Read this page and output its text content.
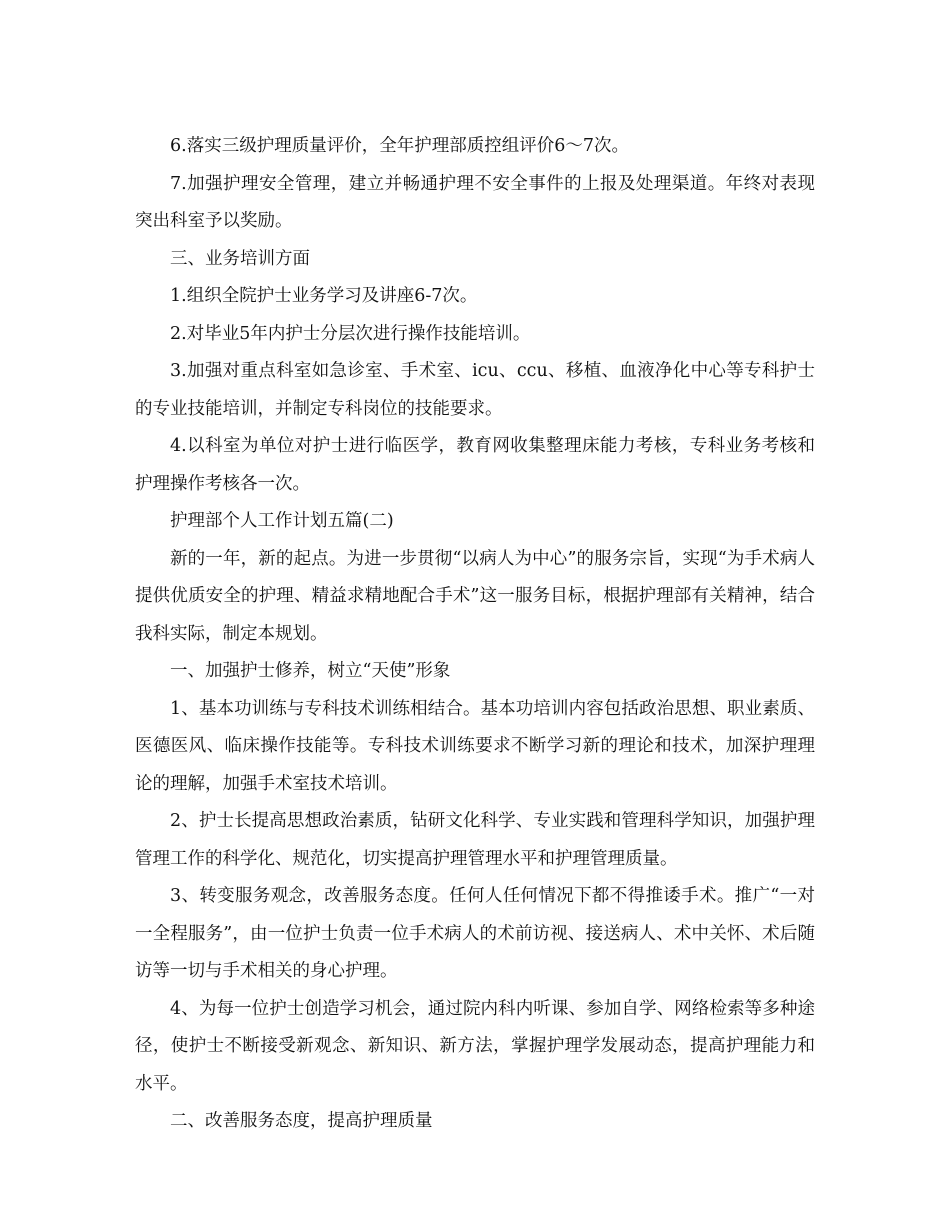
6.落实三级护理质量评价，全年护理部质控组评价6～7次。

7.加强护理安全管理，建立并畅通护理不安全事件的上报及处理渠道。年终对表现突出科室予以奖励。

三、业务培训方面

1.组织全院护士业务学习及讲座6-7次。

2.对毕业5年内护士分层次进行操作技能培训。

3.加强对重点科室如急诊室、手术室、icu、ccu、移植、血液净化中心等专科护士的专业技能培训，并制定专科岗位的技能要求。

4.以科室为单位对护士进行临医学，教育网收集整理床能力考核，专科业务考核和护理操作考核各一次。

护理部个人工作计划五篇(二)

新的一年，新的起点。为进一步贯彻“以病人为中心”的服务宗旨，实现“为手术病人提供优质安全的护理、精益求精地配合手术”这一服务目标，根据护理部有关精神，结合我科实际，制定本规划。

一、加强护士修养，树立“天使”形象

1、基本功训练与专科技术训练相结合。基本功培训内容包括政治思想、职业素质、医德医风、临床操作技能等。专科技术训练要求不断学习新的理论和技术，加深护理理论的理解，加强手术室技术培训。

2、护士长提高思想政治素质，钻研文化科学、专业实践和管理科学知识，加强护理管理工作的科学化、规范化，切实提高护理管理水平和护理管理质量。

3、转变服务观念，改善服务态度。任何人任何情况下都不得推诿手术。推广“一对一全程服务”，由一位护士负责一位手术病人的术前访视、接送病人、术中关怀、术后随访等一切与手术相关的身心护理。

4、为每一位护士创造学习机会，通过院内科内听课、参加自学、网络检索等多种途径，使护士不断接受新观念、新知识、新方法，掌握护理学发展动态，提高护理能力和水平。

二、改善服务态度，提高护理质量
